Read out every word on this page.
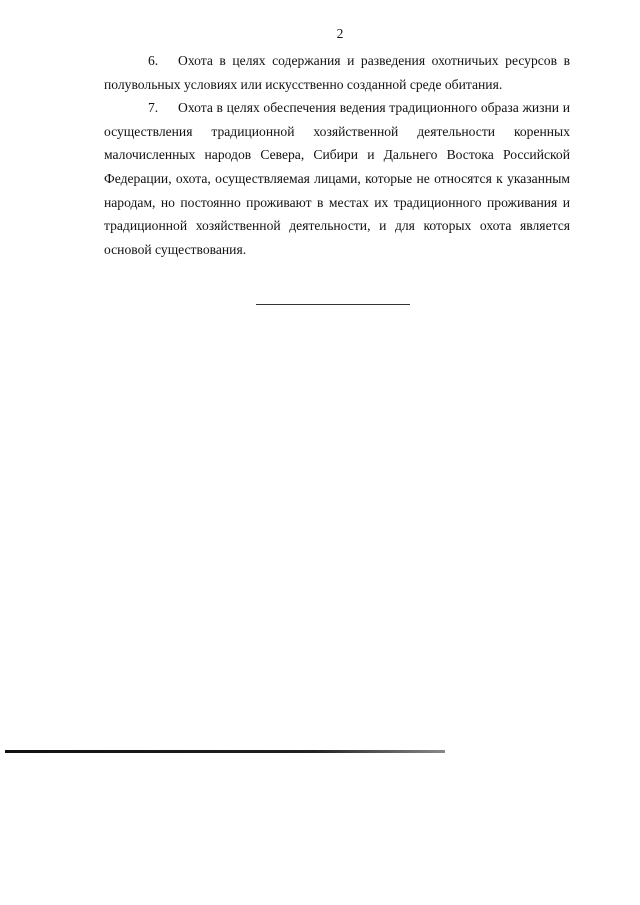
2

6. Охота в целях содержания и разведения охотничьих ресурсов в полувольных условиях или искусственно созданной среде обитания.

7. Охота в целях обеспечения ведения традиционного образа жизни и осуществления традиционной хозяйственной деятельности коренных малочисленных народов Севера, Сибири и Дальнего Востока Российской Федерации, охота, осуществляемая лицами, которые не относятся к указанным народам, но постоянно проживают в местах их традиционного проживания и традиционной хозяйственной деятельности, и для которых охота является основой существования.
